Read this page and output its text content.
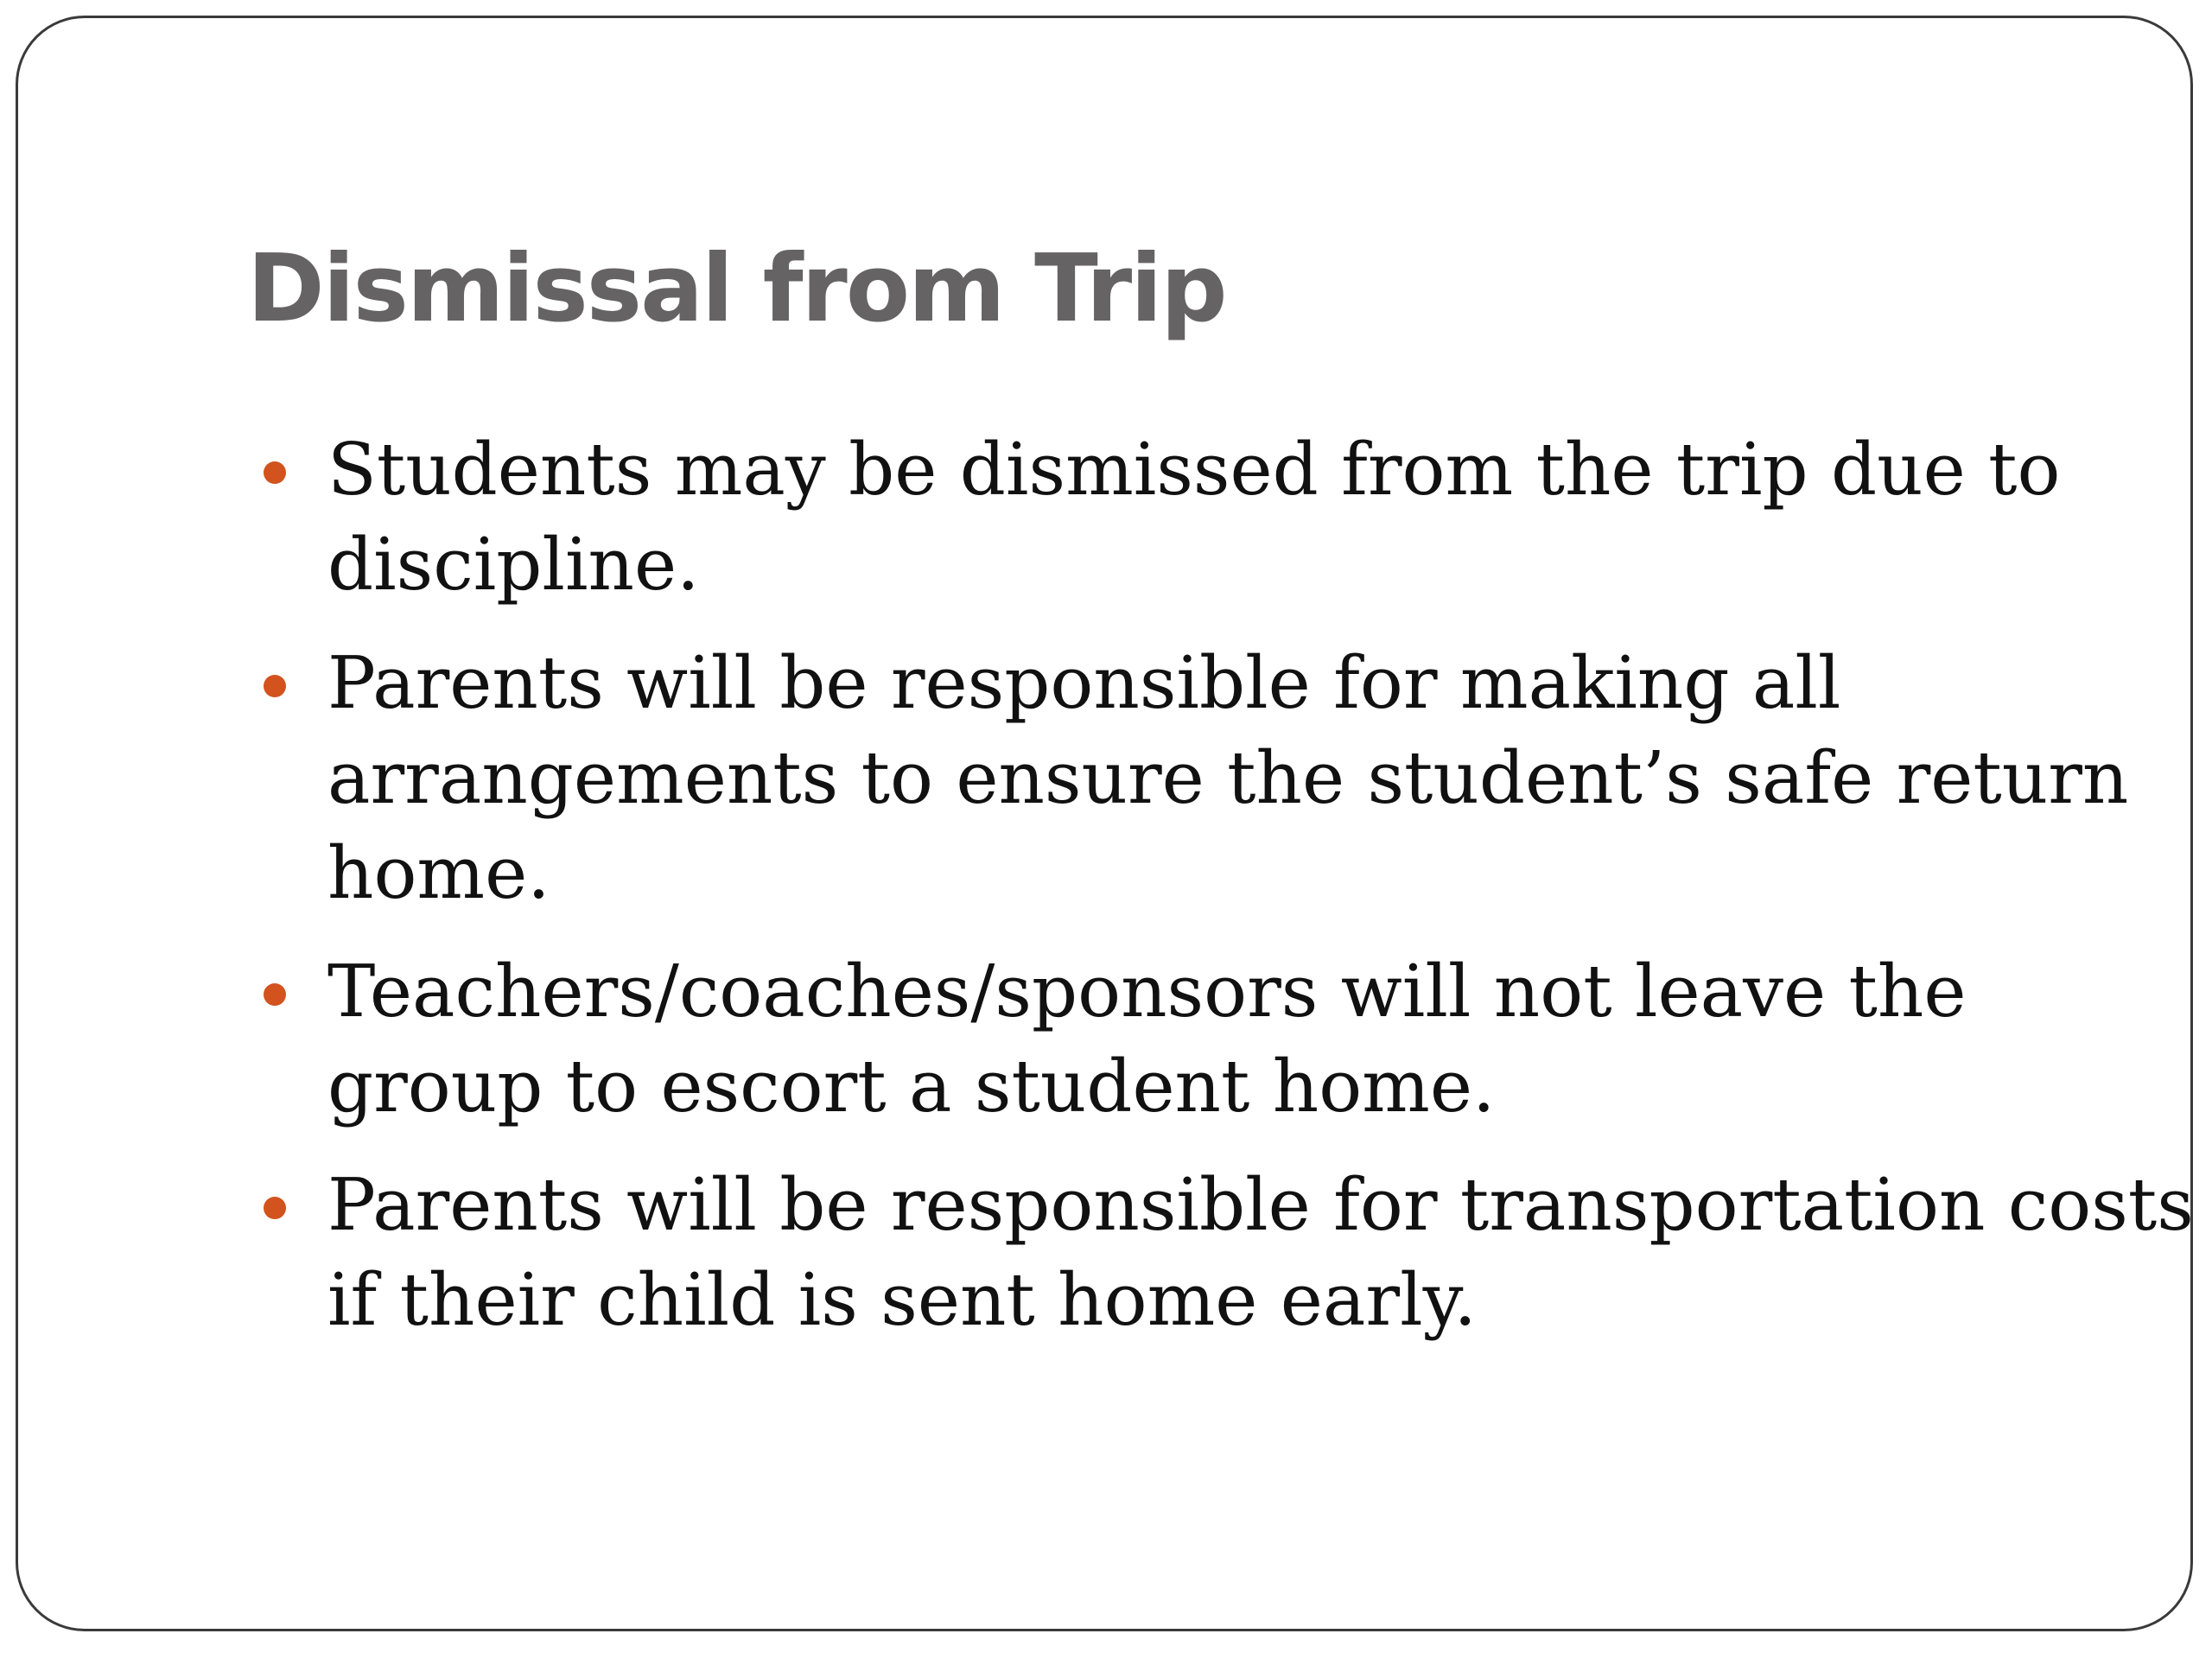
Dismissal from Trip
Students may be dismissed from the trip due to
discipline.
Parents will be responsible for making all
arrangements to ensure the student’s safe return
home.
Teachers/coaches/sponsors will not leave the
group to escort a student home.
Parents will be responsible for transportation costs
if their child is sent home early.
